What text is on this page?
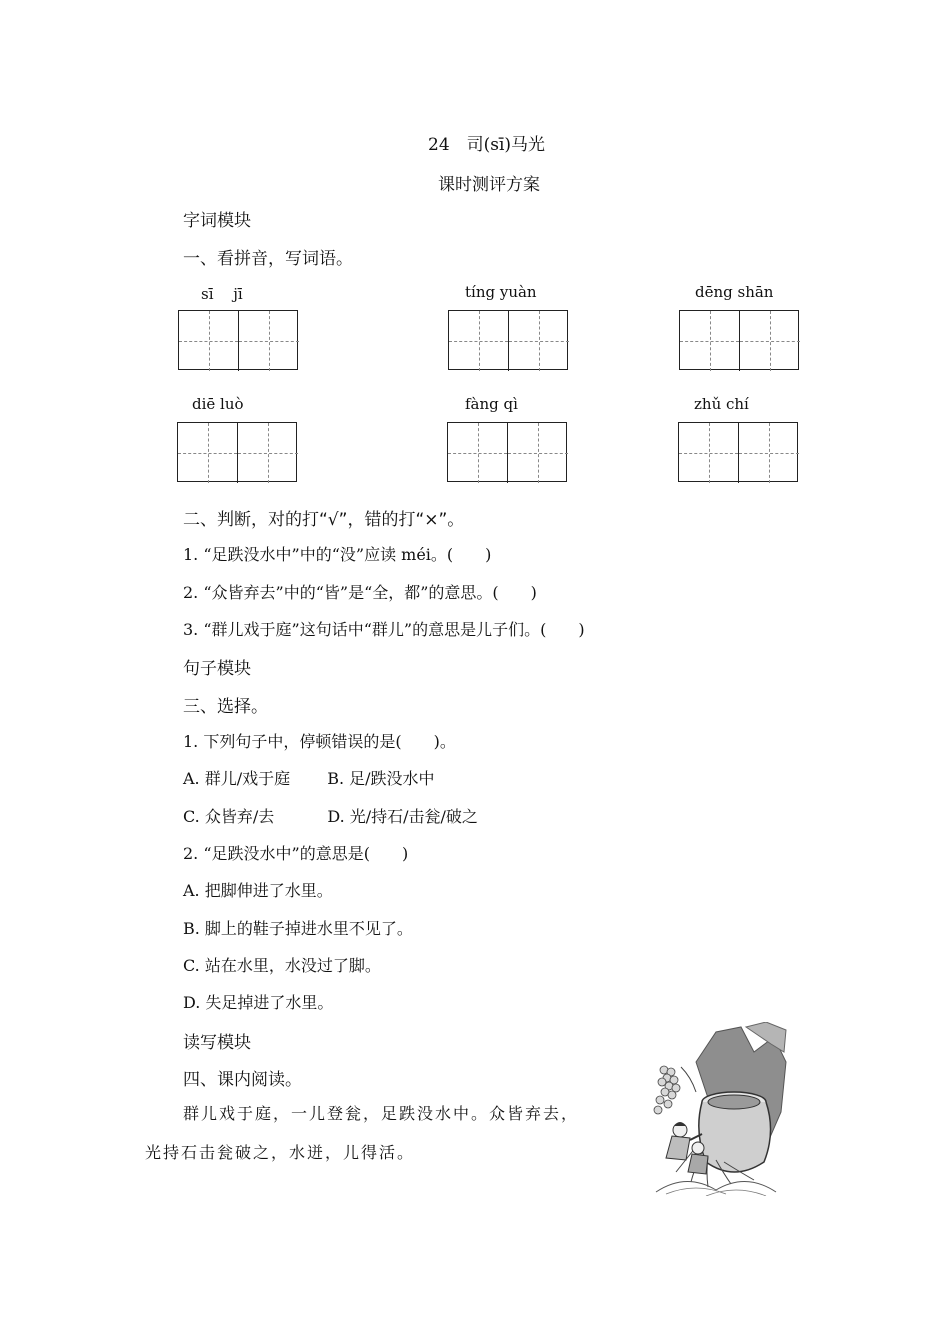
24　司(sī)马光
课时测评方案
字词模块
一、看拼音，写词语。
sī　 jī	tíng yuàn	dēng shān
diē luò	fàng qì	zhǔ chí
二、判断，对的打“√”，错的打“×”。
1. “足跌没水中”中的“没”应读 méi。(　　)
2. “众皆弃去”中的“皆”是“全，都”的意思。(　　)
3. “群儿戏于庭”这句话中“群儿”的意思是儿子们。(　　)
句子模块
三、选择。
1. 下列句子中，停顿错误的是(　　)。
A. 群儿/戏于庭　　 B. 足/跌没水中
C. 众皆弃/去　　　 D. 光/持石/击瓮/破之
2. “足跌没水中”的意思是(　　)
A. 把脚伸进了水里。
B. 脚上的鞋子掉进水里不见了。
C. 站在水里，水没过了脚。
D. 失足掉进了水里。
读写模块
四、课内阅读。
群儿戏于庭，一儿登瓮，足跌没水中。众皆弃去，
光持石击瓮破之，水迸，儿得活。
